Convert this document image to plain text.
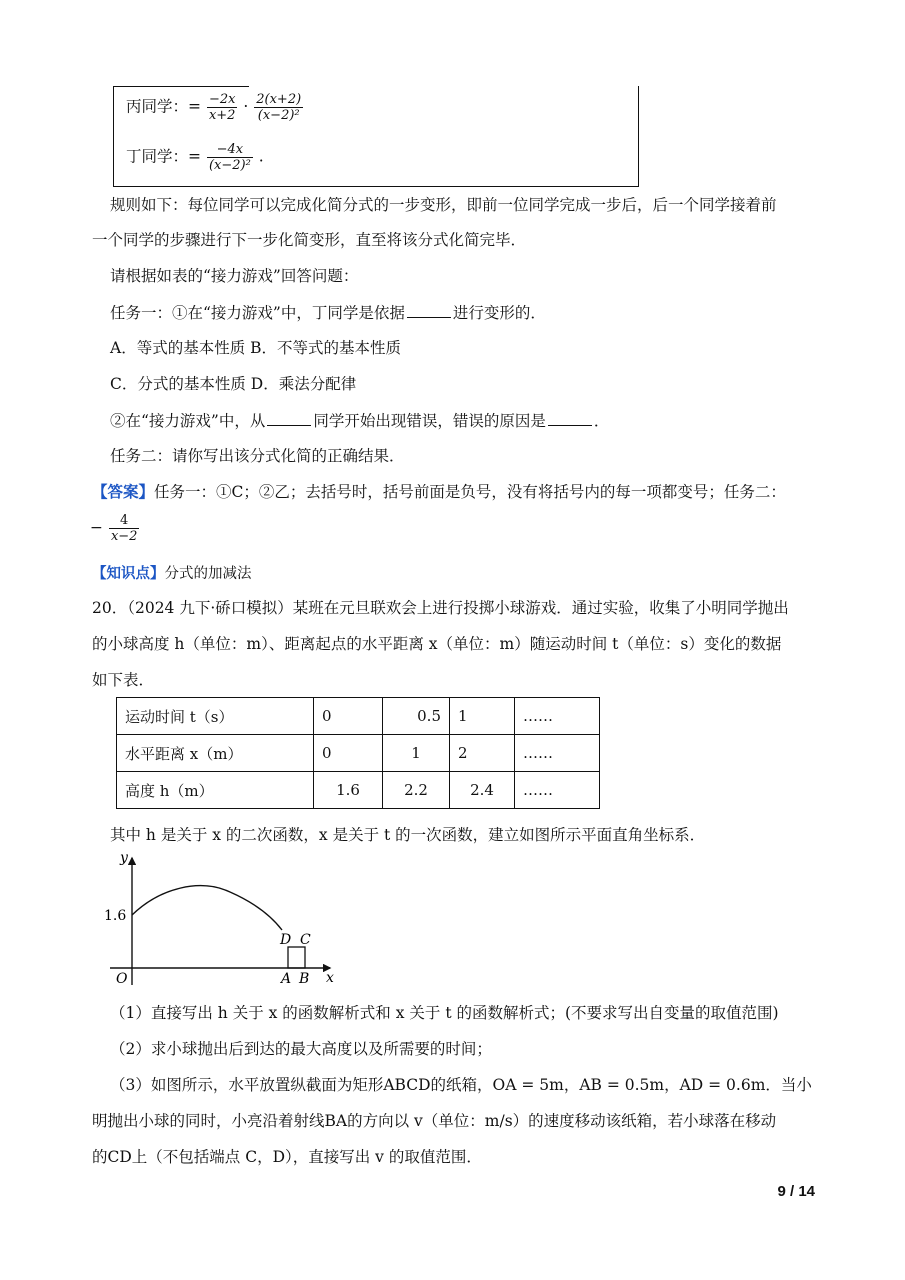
丙同学：= $\frac{-2x}{x+2} \cdot \frac{2(x+2)}{\text{(x−2)²}}$
丁同学：= $\frac{-4x}{\text{(x−2)²}}$ .
规则如下：每位同学可以完成化简分式的一步变形，即前一位同学完成一步后，后一个同学接着前
一个同学的步骤进行下一步化简变形，直至将该分式化简完毕．
请根据如表的“接力游戏”回答问题：
任务一：①在“接力游戏”中，丁同学是依据	进行变形的．
A．等式的基本性质 B．不等式的基本性质
C．分式的基本性质 D．乘法分配律
②在“接力游戏”中，从	同学开始出现错误，错误的原因是	．
任务二：请你写出该分式化简的正确结果．
【答案】任务一：①C；②乙；去括号时，括号前面是负号，没有将括号内的每一项都变号；任务二：
− $\frac{4}{x-2}$
【知识点】分式的加减法
20．（2024 九下·硚口模拟）某班在元旦联欢会上进行投掷小球游戏．通过实验，收集了小明同学抛出
的小球高度 h（单位：m）、距离起点的水平距离 x（单位：m）随运动时间 t（单位：s）变化的数据
如下表．
运动时间 t（s）	0	0.5	1	……
水平距离 x（m）	0	1	2	……
高度 h（m）	1.6	2.2	2.4	……
其中 h 是关于 x 的二次函数，x 是关于 t 的一次函数，建立如图所示平面直角坐标系．
y
x
O
1.6
D C
A B
（1）直接写出 h 关于 x 的函数解析式和 x 关于 t 的函数解析式；(不要求写出自变量的取值范围)
（2）求小球抛出后到达的最大高度以及所需要的时间；
（3）如图所示，水平放置纵截面为矩形ABCD的纸箱，OA = 5m，AB = 0.5m，AD = 0.6m．当小
明抛出小球的同时，小亮沿着射线BA的方向以 v（单位：m/s）的速度移动该纸箱，若小球落在移动
的CD上（不包括端点 C，D），直接写出 v 的取值范围．
9 / 14
